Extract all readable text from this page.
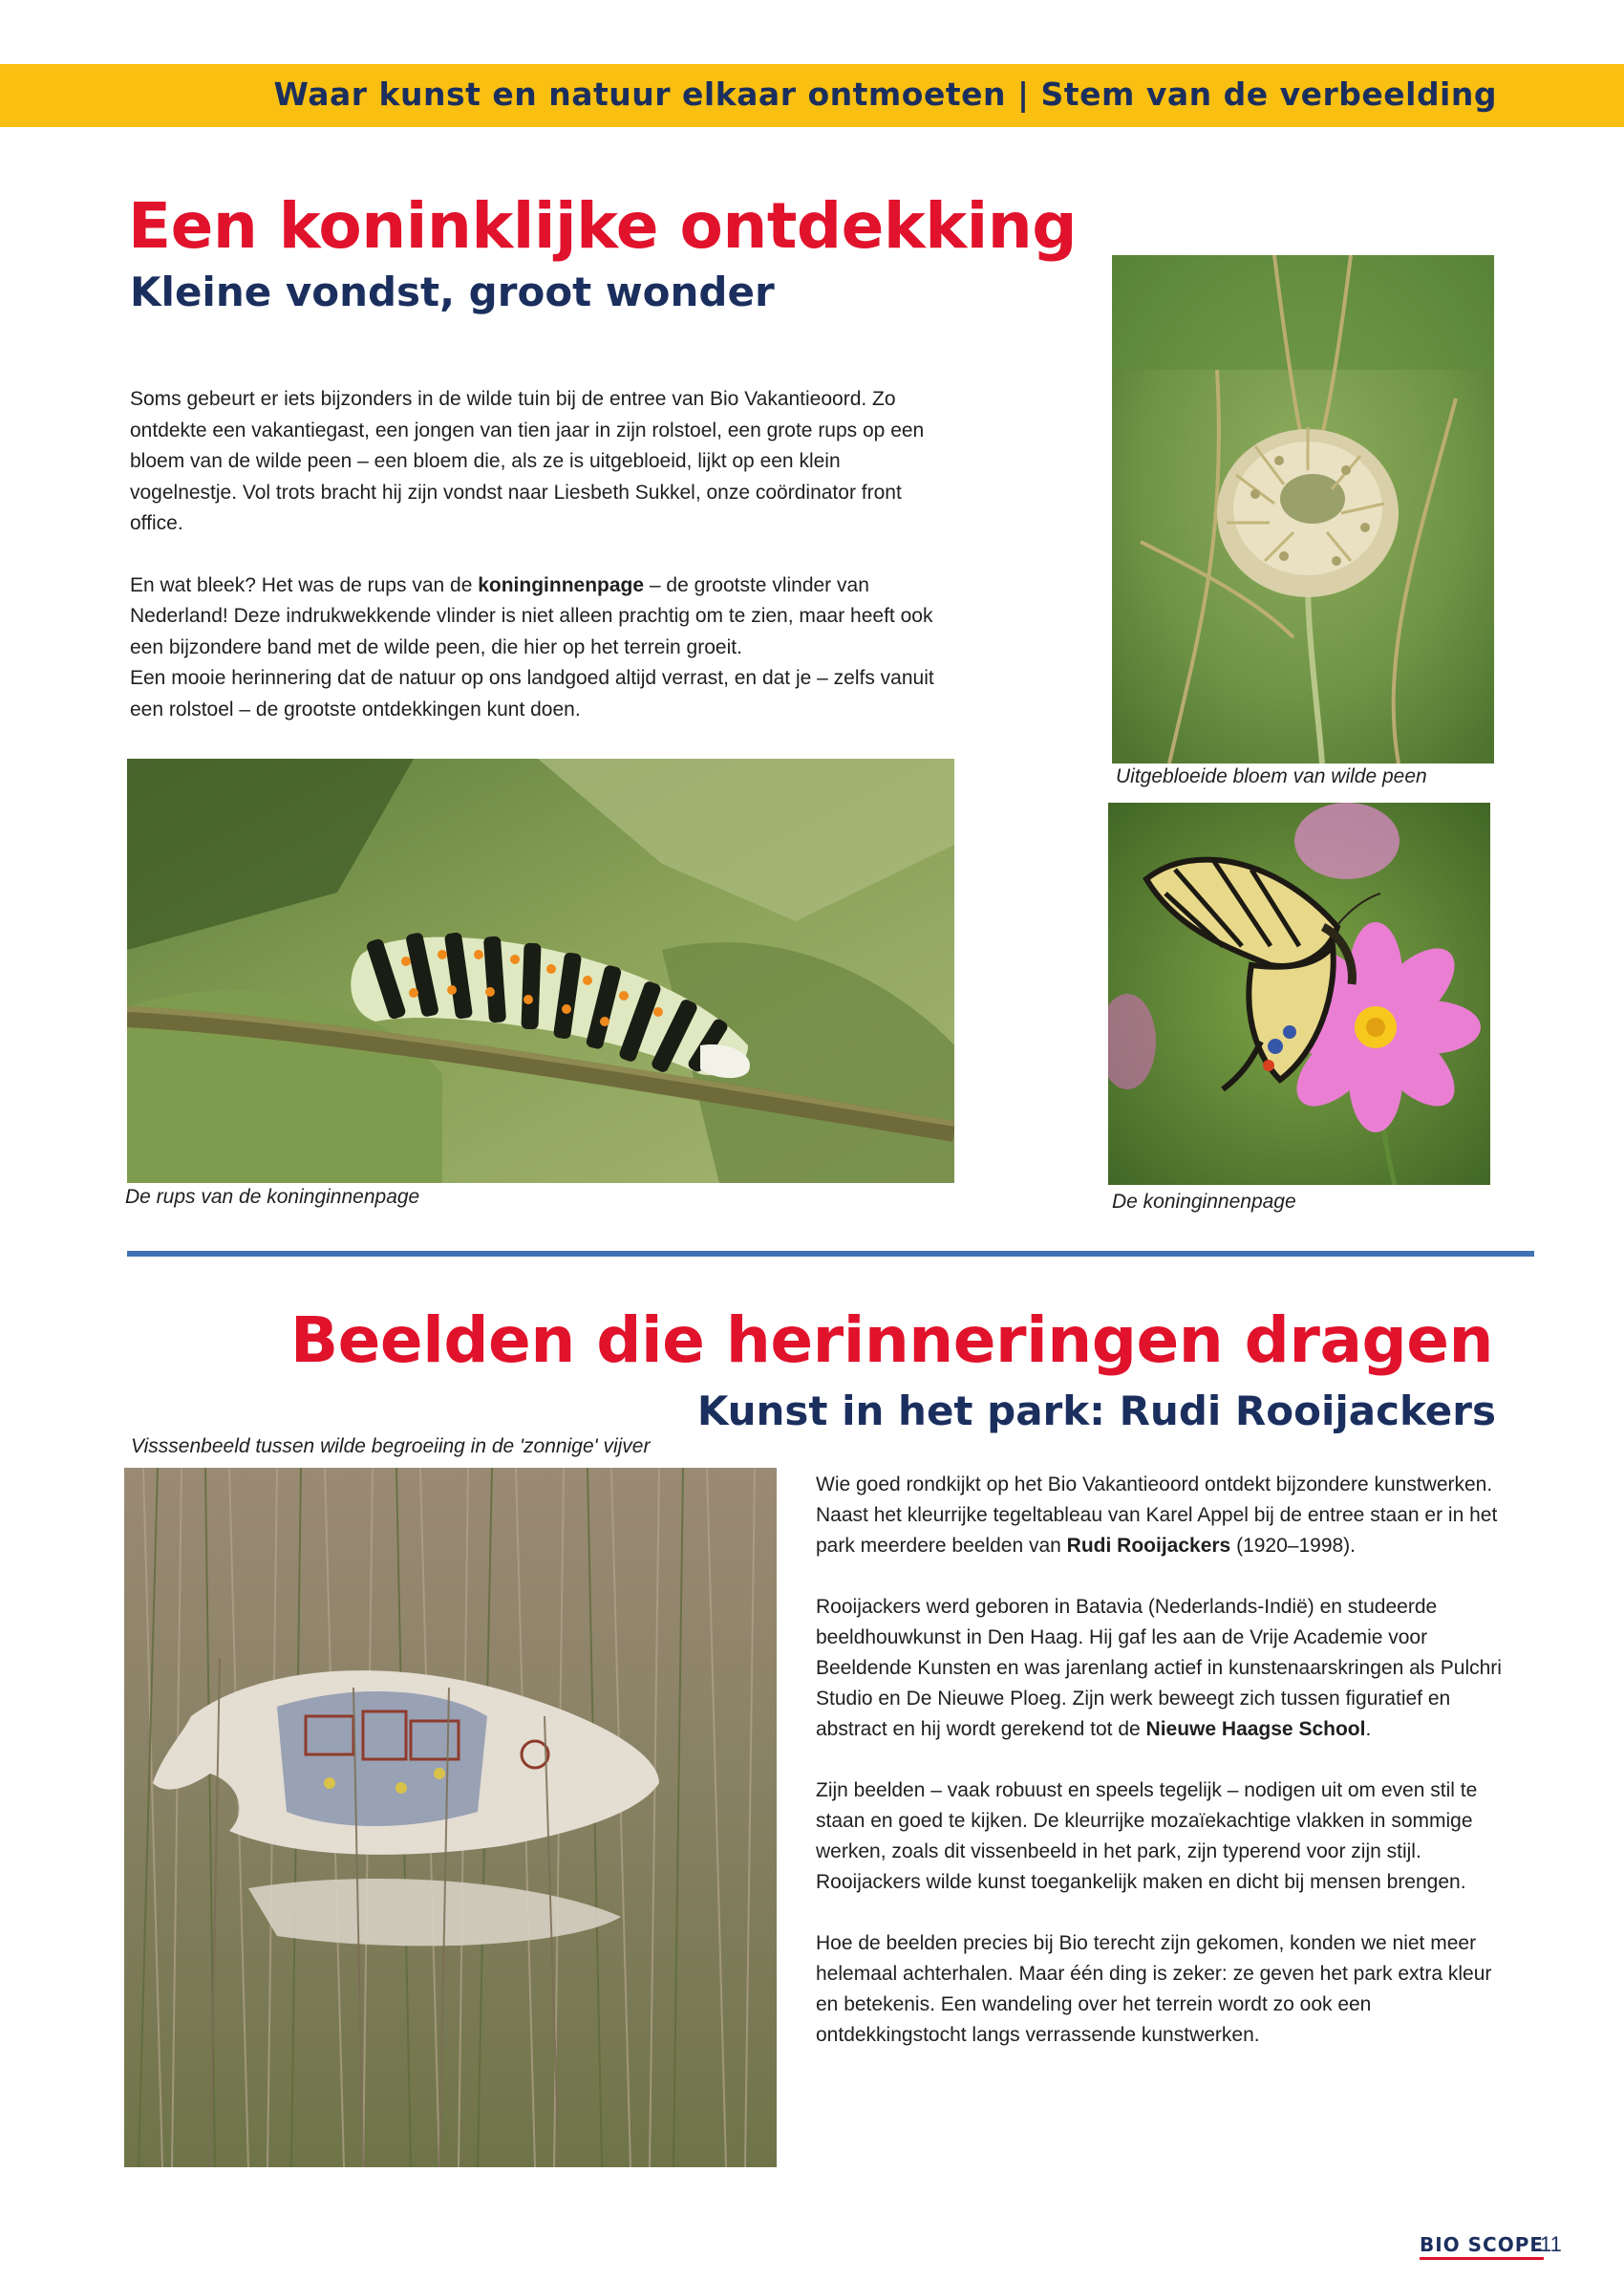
Waar kunst en natuur elkaar ontmoeten | Stem van de verbeelding
Een koninklijke ontdekking
Kleine vondst, groot wonder

Soms gebeurt er iets bijzonders in de wilde tuin bij de entree van Bio Vakantieoord. Zo ontdekte een vakantiegast, een jongen van tien jaar in zijn rolstoel, een grote rups op een bloem van de wilde peen – een bloem die, als ze is uitgebloeid, lijkt op een klein vogelnestje. Vol trots bracht hij zijn vondst naar Liesbeth Sukkel, onze coördinator front office.

En wat bleek? Het was de rups van de koninginnenpage – de grootste vlinder van Nederland! Deze indrukwekkende vlinder is niet alleen prachtig om te zien, maar heeft ook een bijzondere band met de wilde peen, die hier op het terrein groeit.

Een mooie herinnering dat de natuur op ons landgoed altijd verrast, en dat je – zelfs vanuit een rolstoel – de grootste ontdekkingen kunt doen.

Uitgebloeide bloem van wilde peen
De rups van de koninginnenpage	De koninginnenpage
Beelden die herinneringen dragen
Kunst in het park: Rudi Rooijackers
Visssenbeeld tussen wilde begroeiing in de 'zonnige' vijver

Wie goed rondkijkt op het Bio Vakantieoord ontdekt bijzondere kunstwerken. Naast het kleurrijke tegeltableau van Karel Appel bij de entree staan er in het park meerdere beelden van Rudi Rooijackers (1920–1998).

Rooijackers werd geboren in Batavia (Nederlands-Indië) en studeerde beeldhouwkunst in Den Haag. Hij gaf les aan de Vrije Academie voor Beeldende Kunsten en was jarenlang actief in kunstenaarskringen als Pulchri Studio en De Nieuwe Ploeg. Zijn werk beweegt zich tussen figuratief en abstract en hij wordt gerekend tot de Nieuwe Haagse School.

Zijn beelden – vaak robuust en speels tegelijk – nodigen uit om even stil te staan en goed te kijken. De kleurrijke mozaïekachtige vlakken in sommige werken, zoals dit vissenbeeld in het park, zijn typerend voor zijn stijl. Rooijackers wilde kunst toegankelijk maken en dicht bij mensen brengen.

Hoe de beelden precies bij Bio terecht zijn gekomen, konden we niet meer helemaal achterhalen. Maar één ding is zeker: ze geven het park extra kleur en betekenis. Een wandeling over het terrein wordt zo ook een ontdekkingstocht langs verrassende kunstwerken.

BIO SCOPE
11
